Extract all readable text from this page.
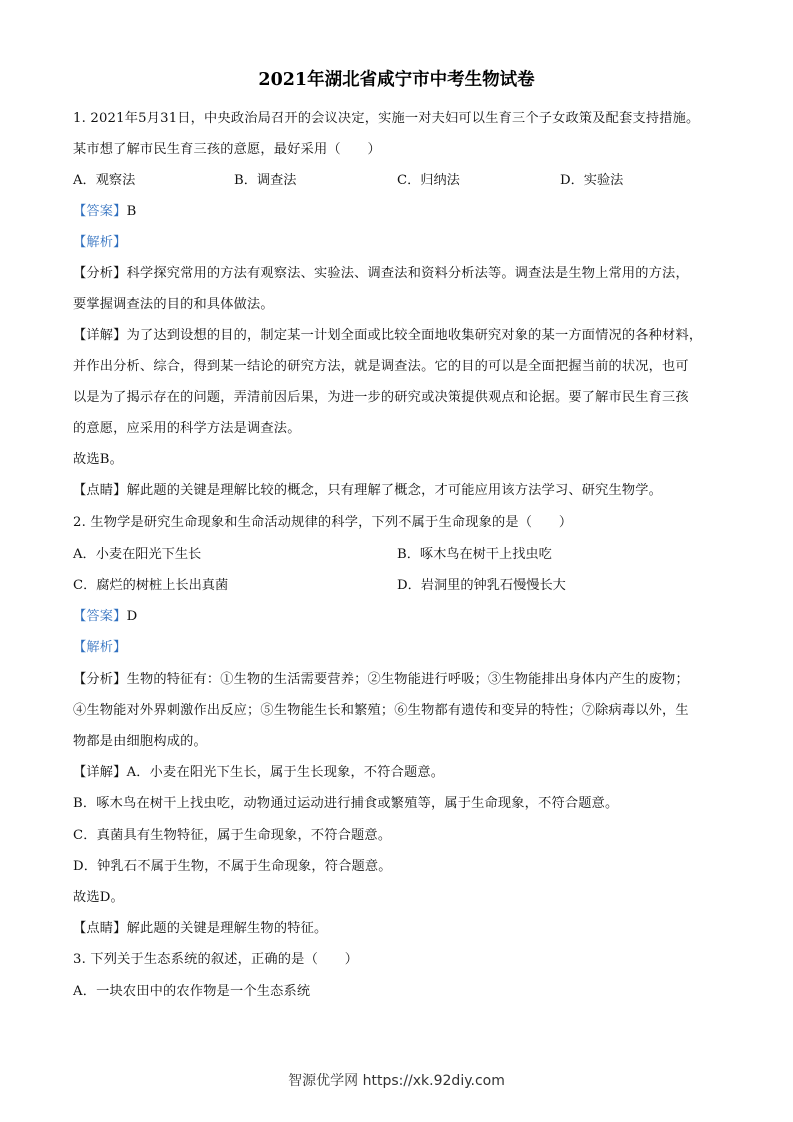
2021年湖北省咸宁市中考生物试卷
1. 2021年5月31日，中央政治局召开的会议决定，实施一对夫妇可以生育三个子女政策及配套支持措施。
某市想了解市民生育三孩的意愿，最好采用（　　）
A．观察法	B．调查法	C．归纳法	D．实验法
【答案】B
【解析】
【分析】科学探究常用的方法有观察法、实验法、调查法和资料分析法等。调查法是生物上常用的方法，
要掌握调查法的目的和具体做法。
【详解】为了达到设想的目的，制定某一计划全面或比较全面地收集研究对象的某一方面情况的各种材料，
并作出分析、综合，得到某一结论的研究方法，就是调查法。它的目的可以是全面把握当前的状况，也可
以是为了揭示存在的问题，弄清前因后果，为进一步的研究或决策提供观点和论据。要了解市民生育三孩
的意愿，应采用的科学方法是调查法。
故选B。
【点睛】解此题的关键是理解比较的概念，只有理解了概念，才可能应用该方法学习、研究生物学。
2. 生物学是研究生命现象和生命活动规律的科学，下列不属于生命现象的是（　　）
A．小麦在阳光下生长	B．啄木鸟在树干上找虫吃
C．腐烂的树桩上长出真菌	D．岩洞里的钟乳石慢慢长大
【答案】D
【解析】
【分析】生物的特征有：①生物的生活需要营养；②生物能进行呼吸；③生物能排出身体内产生的废物；
④生物能对外界刺激作出反应；⑤生物能生长和繁殖；⑥生物都有遗传和变异的特性；⑦除病毒以外，生
物都是由细胞构成的。
【详解】A．小麦在阳光下生长，属于生长现象，不符合题意。
B．啄木鸟在树干上找虫吃，动物通过运动进行捕食或繁殖等，属于生命现象，不符合题意。
C．真菌具有生物特征，属于生命现象，不符合题意。
D．钟乳石不属于生物，不属于生命现象，符合题意。
故选D。
【点睛】解此题的关键是理解生物的特征。
3. 下列关于生态系统的叙述，正确的是（　　）
A．一块农田中的农作物是一个生态系统
智源优学网 https://xk.92diy.com
